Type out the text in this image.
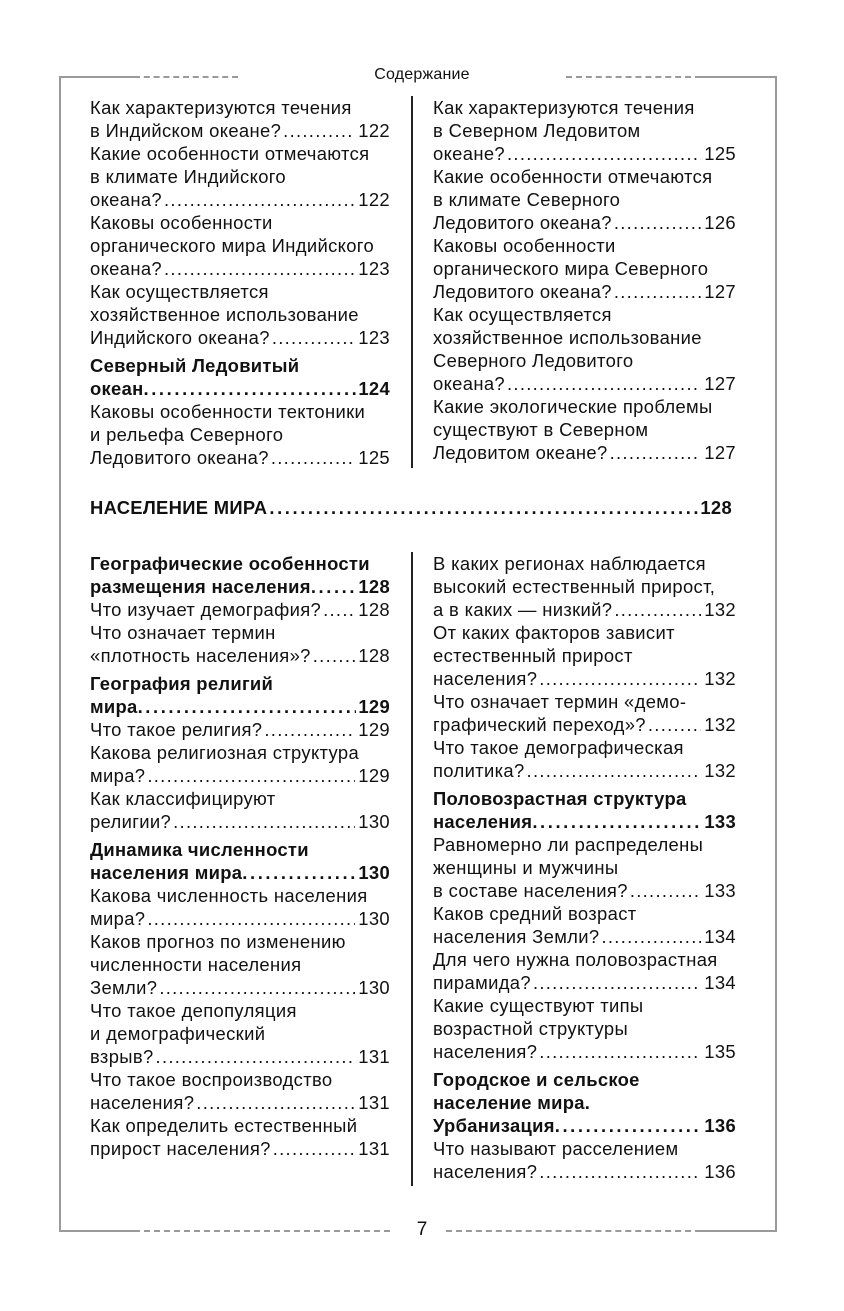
Содержание
7
Как характеризуются течения
в Индийском океане? .....	122
Какие особенности отмечаются
в климате Индийского
океана? .....	122
Каковы особенности
органического мира Индийского
океана? .....	123
Как осуществляется
хозяйственное использование
Индийского океана? .....	123
Северный Ледовитый
океан .....	124
Каковы особенности тектоники
и рельефа Северного
Ледовитого океана? .....	125
Как характеризуются течения
в Северном Ледовитом
океане? .....	125
Какие особенности отмечаются
в климате Северного
Ледовитого океана? .....	126
Каковы особенности
органического мира Северного
Ледовитого океана? .....	127
Как осуществляется
хозяйственное использование
Северного Ледовитого
океана? .....	127
Какие экологические проблемы
существуют в Северном
Ледовитом океане? .....	127
НАСЕЛЕНИЕ МИРА .....	128
Географические особенности
размещения населения .....	128
Что изучает демография? ..... 128
Что означает термин
«плотность населения»? .....	128
География религий
мира .....	129
Что такое религия? .....	129
Какова религиозная структура
мира? .....	129
Как классифицируют
религии? .....	130
Динамика численности
населения мира .....	130
Какова численность населения
мира? .....	130
Каков прогноз по изменению
численности населения
Земли? .....	130
Что такое депопуляция
и демографический
взрыв? .....	131
Что такое воспроизводство
населения? .....	131
Как определить естественный
прирост населения? .....	131
В каких регионах наблюдается
высокий естественный прирост,
а в каких — низкий? .....	132
От каких факторов зависит
естественный прирост
населения? .....	132
Что означает термин «демо-
графический переход»? .....	132
Что такое демографическая
политика? .....	132
Половозрастная структура
населения .....	133
Равномерно ли распределены
женщины и мужчины
в составе населения? .....	133
Каков средний возраст
населения Земли? .....	134
Для чего нужна половозрастная
пирамида? .....	134
Какие существуют типы
возрастной структуры
населения? .....	135
Городское и сельское
население мира.
Урбанизация .....	136
Что называют расселением
населения? .....	136
